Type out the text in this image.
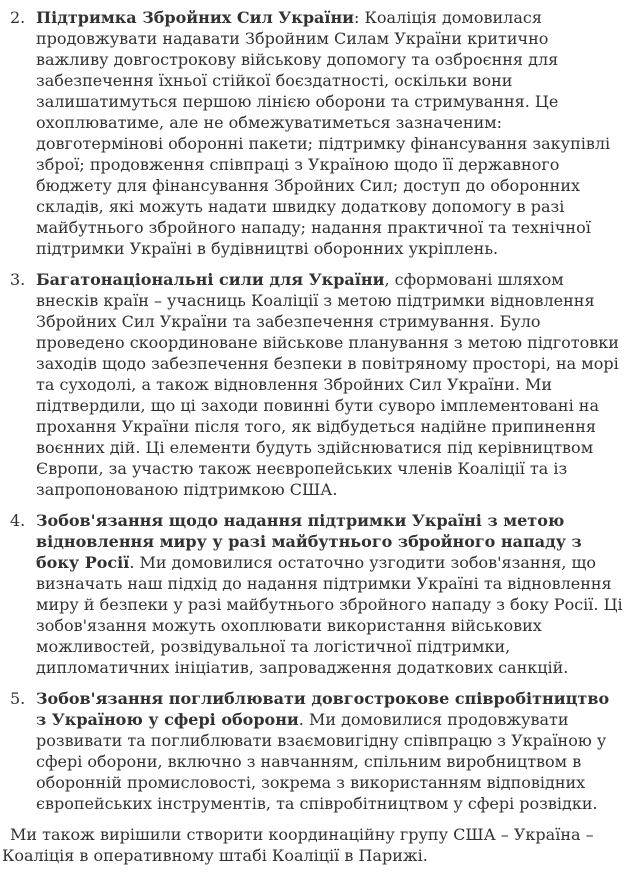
2. Підтримка Збройних Сил України: Коаліція домовилася продовжувати надавати Збройним Силам України критично важливу довгострокову військову допомогу та озброєння для забезпечення їхньої стійкої боєздатності, оскільки вони залишатимуться першою лінією оборони та стримування. Це охоплюватиме, але не обмежуватиметься зазначеним: довготермінові оборонні пакети; підтримку фінансування закупівлі зброї; продовження співпраці з Україною щодо її державного бюджету для фінансування Збройних Сил; доступ до оборонних складів, які можуть надати швидку додаткову допомогу в разі майбутнього збройного нападу; надання практичної та технічної підтримки Україні в будівництві оборонних укріплень.

3. Багатонаціональні сили для України, сформовані шляхом внесків країн – учасниць Коаліції з метою підтримки відновлення Збройних Сил України та забезпечення стримування. Було проведено скоординоване військове планування з метою підготовки заходів щодо забезпечення безпеки в повітряному просторі, на морі та суходолі, а також відновлення Збройних Сил України. Ми підтвердили, що ці заходи повинні бути суворо імплементовані на прохання України після того, як відбудеться надійне припинення воєнних дій. Ці елементи будуть здійснюватися під керівництвом Європи, за участю також неєвропейських членів Коаліції та із запропонованою підтримкою США.

4. Зобов'язання щодо надання підтримки Україні з метою відновлення миру у разі майбутнього збройного нападу з боку Росії. Ми домовилися остаточно узгодити зобов'язання, що визначать наш підхід до надання підтримки Україні та відновлення миру й безпеки у разі майбутнього збройного нападу з боку Росії. Ці зобов'язання можуть охоплювати використання військових можливостей, розвідувальної та логістичної підтримки, дипломатичних ініціатив, запровадження додаткових санкцій.

5. Зобов'язання поглиблювати довгострокове співробітництво з Україною у сфері оборони. Ми домовилися продовжувати розвивати та поглиблювати взаємовигідну співпрацю з Україною у сфері оборони, включно з навчанням, спільним виробництвом в оборонній промисловості, зокрема з використанням відповідних європейських інструментів, та співробітництвом у сфері розвідки.

Ми також вирішили створити координаційну групу США – Україна – Коаліція в оперативному штабі Коаліції в Парижі.
